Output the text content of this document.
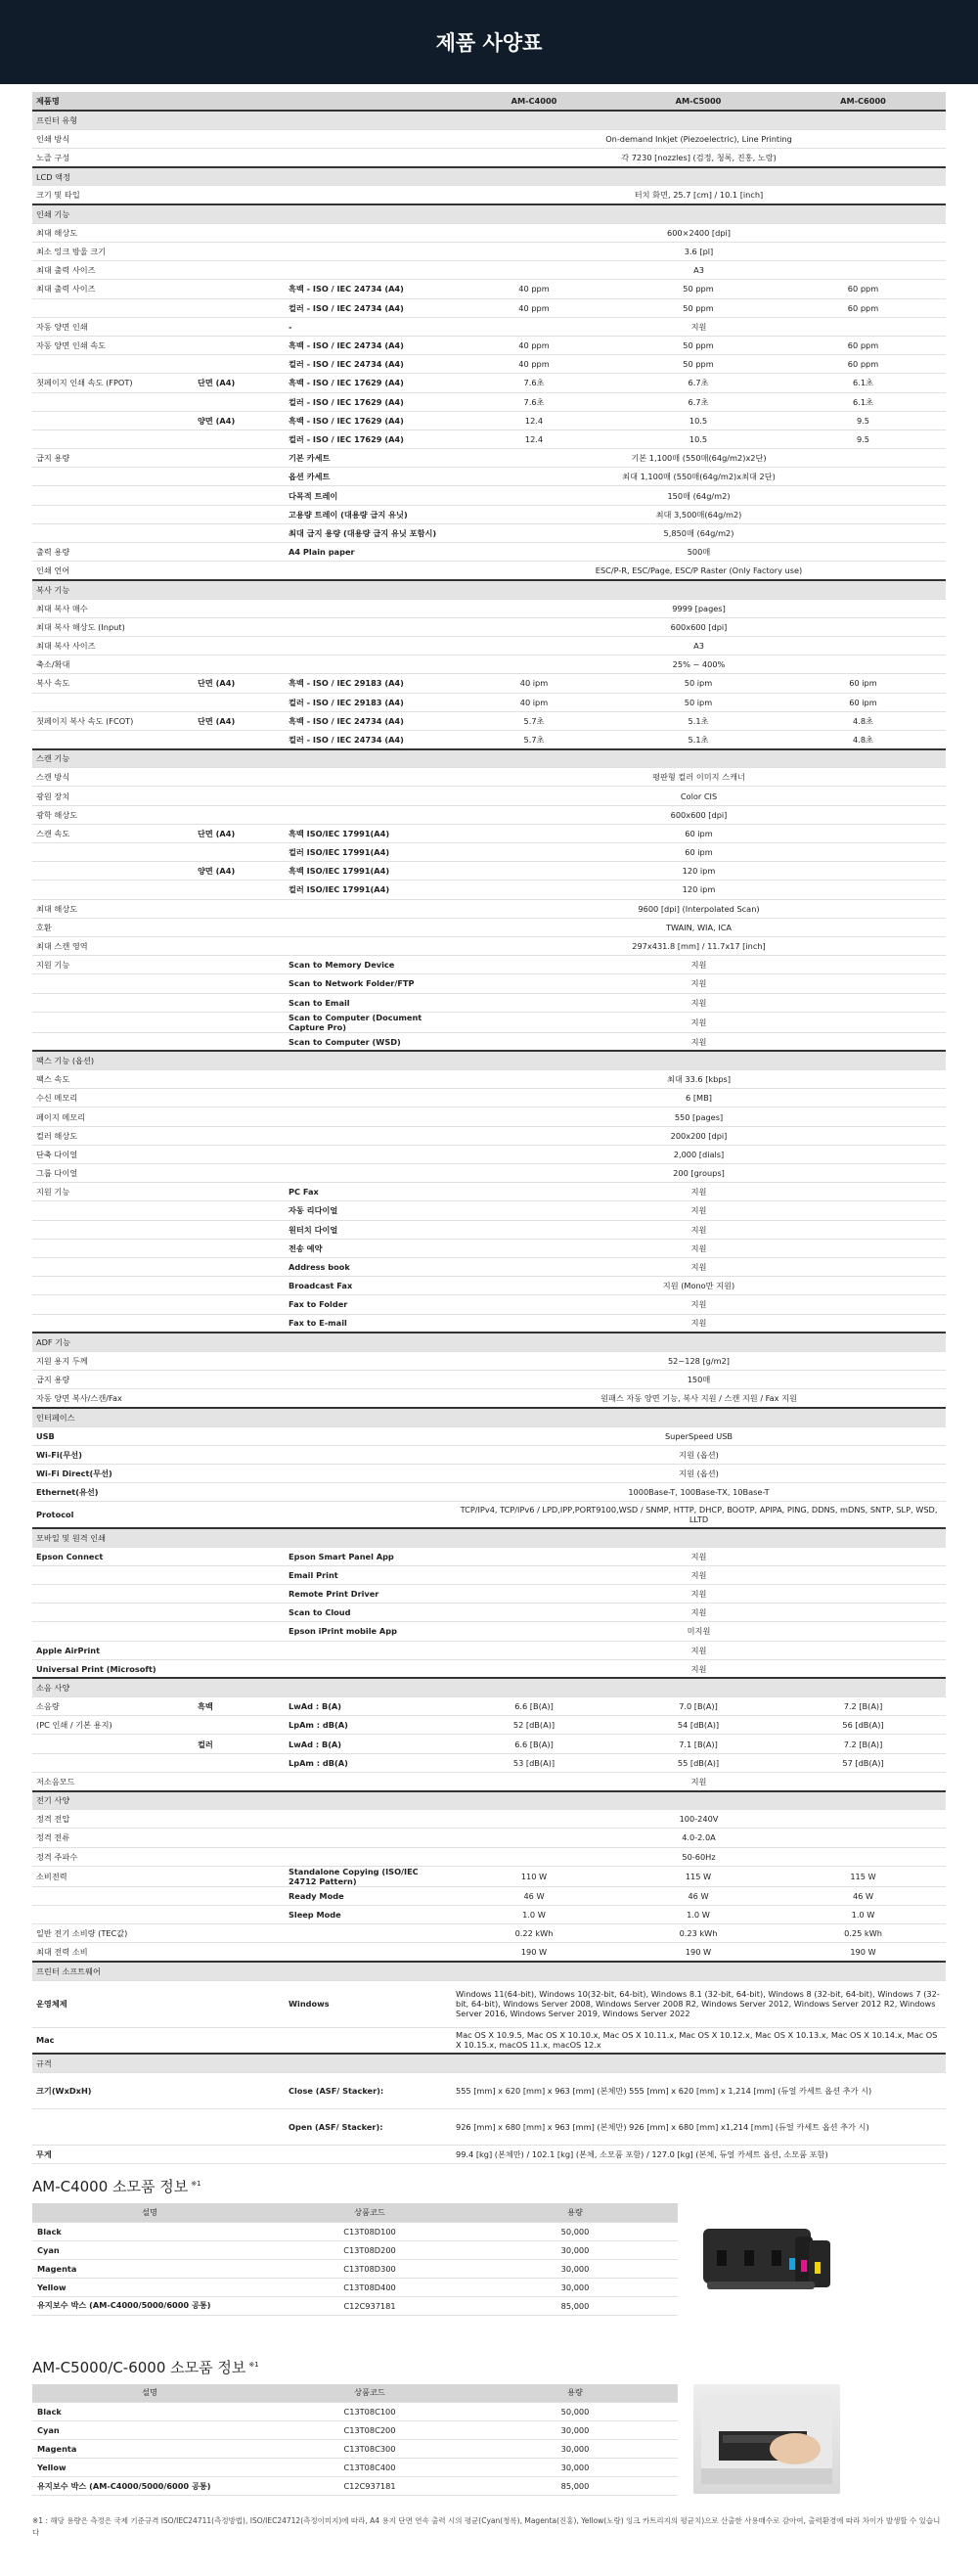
제품 사양표
제품명			AM-C4000	AM-C5000	AM-C6000
프린터 유형					
인쇄 방식			On-demand Inkjet (Piezoelectric), Line Printing		
노즐 구성			각 7230 [nozzles] (검정, 청록, 진홍, 노랑)		
LCD 액정					
크기 및 타입			터치 화면, 25.7 [cm] / 10.1 [inch]		
인쇄 기능					
최대 해상도			600×2400 [dpi]		
최소 잉크 방울 크기			3.6 [pl]		
최대 출력 사이즈			A3		
최대 출력 사이즈		흑백 - ISO / IEC 24734 (A4)	40 ppm	50 ppm	60 ppm
		컬러 - ISO / IEC 24734 (A4)	40 ppm	50 ppm	60 ppm
자동 양면 인쇄		-	지원		
자동 양면 인쇄 속도		흑백 - ISO / IEC 24734 (A4)	40 ppm	50 ppm	60 ppm
		컬러 - ISO / IEC 24734 (A4)	40 ppm	50 ppm	60 ppm
첫페이지 인쇄 속도 (FPOT)	단면 (A4)	흑백 - ISO / IEC 17629 (A4)	7.6초	6.7초	6.1초
		컬러 - ISO / IEC 17629 (A4)	7.6초	6.7초	6.1초
	양면 (A4)	흑백 - ISO / IEC 17629 (A4)	12.4	10.5	9.5
		컬러 - ISO / IEC 17629 (A4)	12.4	10.5	9.5
급지 용량		기본 카세트	기본 1,100매 (550매(64g/m2)x2단)		
		옵션 카세트	최대 1,100매 (550매(64g/m2)x최대 2단)		
		다목적 트레이	150매 (64g/m2)		
		고용량 트레이 (대용량 급지 유닛)	최대 3,500매(64g/m2)		
		최대 급지 용량 (대용량 급지 유닛 포함시)	5,850매 (64g/m2)		
출력 용량		A4 Plain paper	500매		
인쇄 언어			ESC/P-R, ESC/Page, ESC/P Raster (Only Factory use)		
복사 기능					
최대 복사 매수			9999 [pages]		
최대 복사 해상도 (Input)			600x600 [dpi]		
최대 복사 사이즈			A3		
축소/확대			25% ~ 400%		
복사 속도	단면 (A4)	흑백 - ISO / IEC 29183 (A4)	40 ipm	50 ipm	60 ipm
		컬러 - ISO / IEC 29183 (A4)	40 ipm	50 ipm	60 ipm
첫페이지 복사 속도 (FCOT)	단면 (A4)	흑백 - ISO / IEC 24734 (A4)	5.7초	5.1초	4.8초
		컬러 - ISO / IEC 24734 (A4)	5.7초	5.1초	4.8초
스캔 기능					
스캔 방식			평판형 컬러 이미지 스캐너		
광원 장치			Color CIS		
광학 해상도			600x600 [dpi]		
스캔 속도	단면 (A4)	흑백 ISO/IEC 17991(A4)	60 ipm		
		컬러 ISO/IEC 17991(A4)	60 ipm		
	양면 (A4)	흑백 ISO/IEC 17991(A4)	120 ipm		
		컬러 ISO/IEC 17991(A4)	120 ipm		
최대 해상도			9600 [dpi] (Interpolated Scan)		
호환			TWAIN, WIA, ICA		
최대 스캔 영역			297x431.8 [mm] / 11.7x17 [inch]		
지원 기능		Scan to Memory Device	지원		
		Scan to Network Folder/FTP	지원		
		Scan to Email	지원		
		Scan to Computer (Document Capture Pro)	지원		
		Scan to Computer (WSD)	지원		
팩스 기능 (옵션)					
팩스 속도			최대 33.6 [kbps]		
수신 메모리			6 [MB]		
페이지 메모리			550 [pages]		
컬러 해상도			200x200 [dpi]		
단축 다이얼			2,000 [dials]		
그룹 다이얼			200 [groups]		
지원 기능		PC Fax	지원		
		자동 리다이얼	지원		
		원터치 다이얼	지원		
		전송 예약	지원		
		Address book	지원		
		Broadcast Fax	지원 (Mono만 지원)		
		Fax to Folder	지원		
		Fax to E-mail	지원		
ADF 기능					
지원 용지 두께			52~128 [g/m2]		
급지 용량			150매		
자동 양면 복사/스캔/Fax			원패스 자동 양면 기능, 복사 지원 / 스캔 지원 / Fax 지원		
인터페이스					
USB			SuperSpeed USB		
Wi-Fi(무선)			지원 (옵션)		
Wi-Fi Direct(무선)			지원 (옵션)		
Ethernet(유선)			1000Base-T, 100Base-TX, 10Base-T		
Protocol			TCP/IPv4, TCP/IPv6 / LPD,IPP,PORT9100,WSD / SNMP, HTTP, DHCP, BOOTP, APIPA, PING, DDNS, mDNS, SNTP, SLP, WSD, LLTD		
모바일 및 원격 인쇄					
Epson Connect		Epson Smart Panel App	지원		
		Email Print	지원		
		Remote Print Driver	지원		
		Scan to Cloud	지원		
		Epson iPrint mobile App	미지원		
Apple AirPrint			지원		
Universal Print (Microsoft)			지원		
소음 사양					
소음량	흑백	LwAd : B(A)	6.6 [B(A)]	7.0 [B(A)]	7.2 [B(A)]
(PC 인쇄 / 기본 용지)		LpAm : dB(A)	52 [dB(A)]	54 [dB(A)]	56 [dB(A)]
	컬러	LwAd : B(A)	6.6 [B(A)]	7.1 [B(A)]	7.2 [B(A)]
		LpAm : dB(A)	53 [dB(A)]	55 [dB(A)]	57 [dB(A)]
저소음모드			지원		
전기 사양					
정격 전압			100-240V		
정격 전류			4.0-2.0A		
정격 주파수			50-60Hz		
소비전력		Standalone Copying (ISO/IEC 24712 Pattern)	110 W	115 W	115 W
		Ready Mode	46 W	46 W	46 W
		Sleep Mode	1.0 W	1.0 W	1.0 W
일반 전기 소비량 (TEC값)			0.22 kWh	0.23 kWh	0.25 kWh
최대 전력 소비			190 W	190 W	190 W
프린터 소프트웨어					
운영체제		Windows	Windows 11(64-bit), Windows 10(32-bit, 64-bit), Windows 8.1 (32-bit, 64-bit), Windows 8 (32-bit, 64-bit), Windows 7 (32-bit, 64-bit), Windows Server 2008, Windows Server 2008 R2, Windows Server 2012, Windows Server 2012 R2, Windows Server 2016, Windows Server 2019, Windows Server 2022		
Mac			Mac OS X 10.9.5, Mac OS X 10.10.x, Mac OS X 10.11.x, Mac OS X 10.12.x, Mac OS X 10.13.x, Mac OS X 10.14.x, Mac OS X 10.15.x, macOS 11.x, macOS 12.x		
규격					
크기(WxDxH)		Close (ASF/ Stacker):	555 [mm] x 620 [mm] x 963 [mm] (본체만) 555 [mm] x 620 [mm] x 1,214 [mm] (듀얼 카세트 옵션 추가 시)		
		Open (ASF/ Stacker):	926 [mm] x 680 [mm] x 963 [mm] (본체만) 926 [mm] x 680 [mm] x1,214 [mm] (듀얼 카세트 옵션 추가 시)		
무게			99.4 [kg] (본체만) / 102.1 [kg] (본체, 소모품 포함) / 127.0 [kg] (본체, 듀얼 카세트 옵션, 소모품 포함)		
AM-C4000 소모품 정보 $^{※1}$
설명	상품코드	용량
Black	C13T08D100	50,000
Cyan	C13T08D200	30,000
Magenta	C13T08D300	30,000
Yellow	C13T08D400	30,000
유지보수 박스 (AM-C4000/5000/6000 공통)	C12C937181	85,000
AM-C5000/C-6000 소모품 정보 $^{※1}$
설명	상품코드	용량
Black	C13T08C100	50,000
Cyan	C13T08C200	30,000
Magenta	C13T08C300	30,000
Yellow	C13T08C400	30,000
유지보수 박스 (AM-C4000/5000/6000 공통)	C12C937181	85,000

※1 : 해당 용량은 측정은 국제 기준규격 ISO/IEC24711(측정방법), ISO/IEC24712(측정이미지)에 따라, A4 용지 단면 연속 출력 시의 평균(Cyan(청록), Magenta(진홍), Yellow(노랑) 잉크 카트리지의 평균치)으로 산출한 사용매수로 감아여, 출력환경에 따라 차이가 발생할 수 있습니다
